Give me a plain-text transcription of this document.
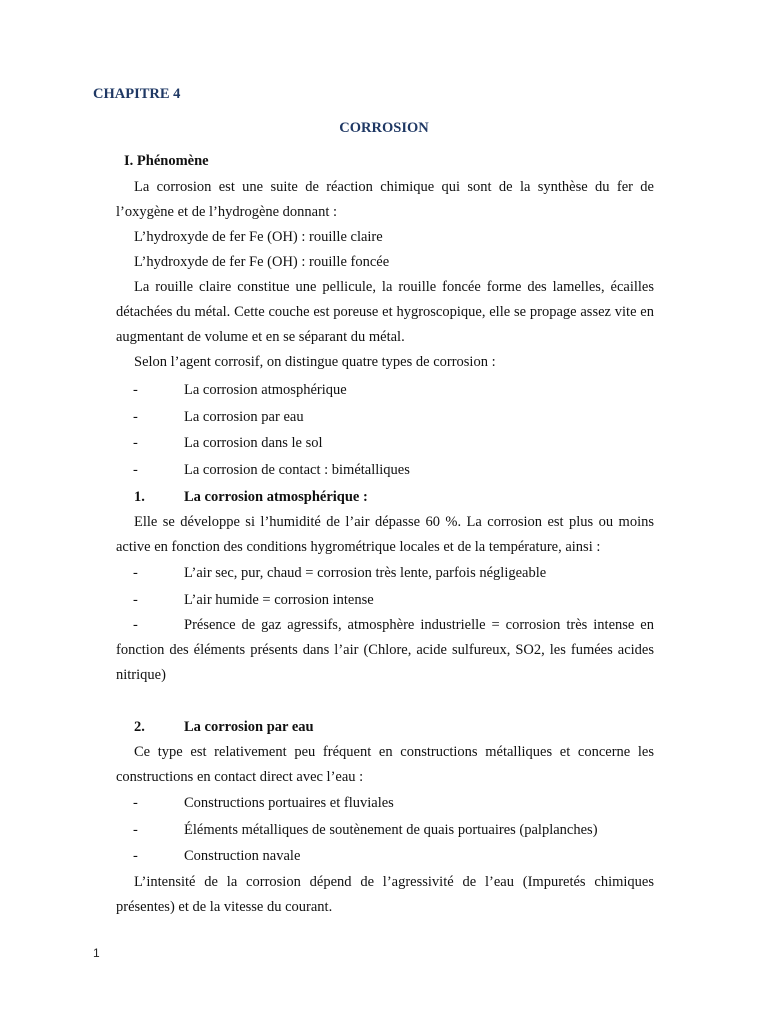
CHAPITRE 4
CORROSION
I. Phénomène

La corrosion est une suite de réaction chimique qui sont de la synthèse du fer de l’oxygène et de l’hydrogène donnant :

L’hydroxyde de fer Fe (OH) : rouille claire

L’hydroxyde de fer Fe (OH) : rouille foncée

La rouille claire constitue une pellicule, la rouille foncée forme des lamelles, écailles détachées du métal. Cette couche est poreuse et hygroscopique, elle se propage assez vite en augmentant de volume et en se séparant du métal.

Selon l’agent corrosif, on distingue quatre types de corrosion :

-	La corrosion atmosphérique
-	La corrosion par eau
-	La corrosion dans le sol
-	La corrosion de contact : bimétalliques
1.	La corrosion atmosphérique :

Elle se développe si l’humidité de l’air dépasse 60 %. La corrosion est plus ou moins active en fonction des conditions hygrométrique locales et de la température, ainsi :

-	L’air sec, pur, chaud = corrosion très lente, parfois négligeable
-	L’air humide = corrosion intense

-	Présence de gaz agressifs, atmosphère industrielle = corrosion très intense en fonction des éléments présents dans l’air (Chlore, acide sulfureux, SO2, les fumées acides nitrique)

2.	La corrosion par eau

Ce type est relativement peu fréquent en constructions métalliques et concerne les constructions en contact direct avec l’eau :

-	Constructions portuaires et fluviales
-	Éléments métalliques de soutènement de quais portuaires (palplanches)
-	Construction navale

L’intensité de la corrosion dépend de l’agressivité de l’eau (Impuretés chimiques présentes) et de la vitesse du courant.

1
